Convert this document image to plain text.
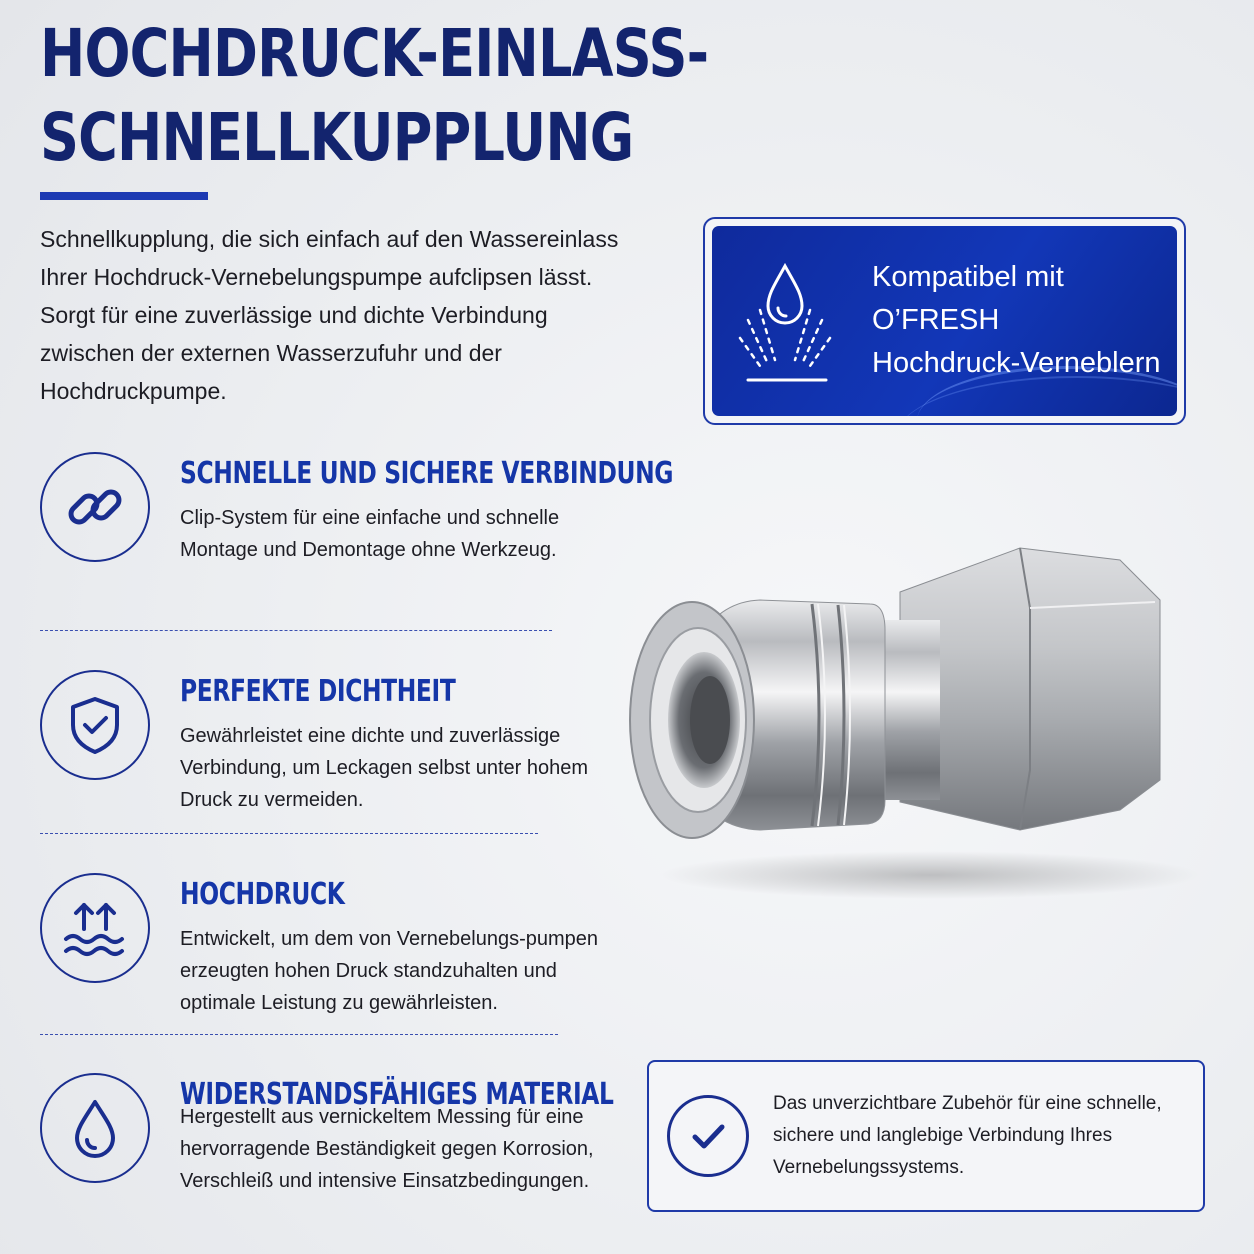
HOCHDRUCK-EINLASS-
SCHNELLKUPPLUNG

Schnellkupplung, die sich einfach auf den Wassereinlass Ihrer Hochdruck-Vernebelungspumpe aufclipsen lässt. Sorgt für eine zuverlässige und dichte Verbindung zwischen der externen Wasserzufuhr und der Hochdruckpumpe.

Kompatibel mit
O’FRESH
Hochdruck-Verneblern
SCHNELLE UND SICHERE VERBINDUNG

Clip-System für eine einfache und schnelle Montage und Demontage ohne Werkzeug.

PERFEKTE DICHTHEIT

Gewährleistet eine dichte und zuverlässige Verbindung, um Leckagen selbst unter hohem Druck zu vermeiden.

HOCHDRUCK

Entwickelt, um dem von Vernebelungs-pumpen erzeugten hohen Druck standzuhalten und optimale Leistung zu gewährleisten.

WIDERSTANDSFÄHIGES MATERIAL

Hergestellt aus vernickeltem Messing für eine hervorragende Beständigkeit gegen Korrosion, Verschleiß und intensive Einsatzbedingungen.

Das unverzichtbare Zubehör für eine schnelle, sichere und langlebige Verbindung Ihres Vernebelungssystems.
